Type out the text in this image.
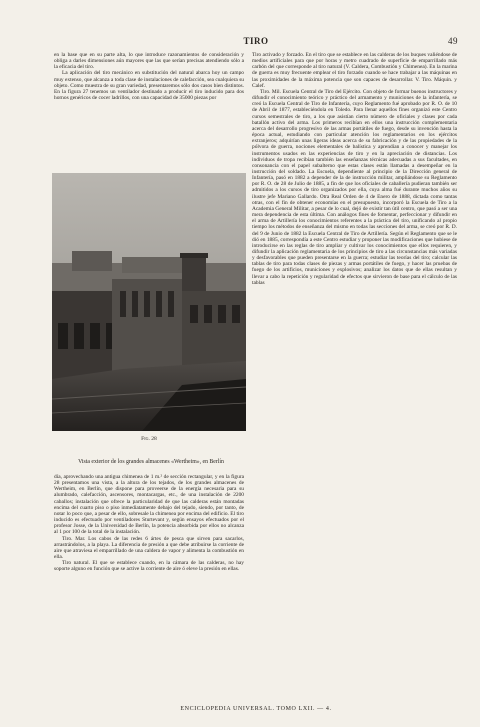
TIRO	49

en la base que en su parte alta, lo que introduce razonamientos de consideración y obliga a darles dimensiones aún mayores que las que serían precisas atendiendo sólo a la eficacia del tiro.

La aplicación del tiro mecánico en substitución del natural abarca hoy un campo muy extenso, que alcanza a toda clase de instalaciones de calefacción, sea cualquiera su objeto. Como muestra de su gran variedad, presentaremos sólo dos casos bien distintos. En la figura 27 tenemos un ventilador destinado a producir el tiro inducido para dos hornos genéricos de cocer ladrillos, con una capacidad de 35000 piezas por

Fig. 28
Vista exterior de los grandes almacenes «Wertheim», en Berlín

día, aprovechando una antigua chimenea de 1 m.² de sección rectangular, y en la figura 28 presentamos una vista, a la altura de los tejados, de los grandes almacenes de Wertheim, en Berlín, que dispone para proveerse de la energía necesaria para su alumbrado, calefacción, ascensores, montacargas, etc., de una instalación de 2200 caballos; instalación que ofrece la particularidad de que las calderas están montadas encima del cuarto piso o piso inmediatamente debajo del tejado, siendo, por tanto, de notar lo poco que, a pesar de ello, sobresale la chimenea por encima del edificio. El tiro inducido es efectuado por ventiladores Sturtevant y, según ensayos efectuados por el profesor Josse, de la Universidad de Berlín, la potencia absorbida por ellos no alcanza al 1 por 100 de la total de la instalación.

Tiro. Mar. Los cabos de las redes 6 ártes de pesca que sirven para sacarlos, arrastrándolos, a la playa. La diferencia de presión a que debe atribuirse la corriente de aire que atraviesa el emparrillado de una caldera de vapor y alimenta la combustión en ella.

Tiro natural. El que se establece cuando, en la cámara de las calderas, no hay soporte alguno en función que se active la corriente de aire ó eleve la presión en ellas.

Tiro activado y forzado. En el tiro que se establece en las calderas de los buques valiéndose de medios artificiales para que por horas y metro cuadrado de superficie de emparrillado más carbón del que corresponde al tiro natural (V. Caldera, Combustión y Chimenea). En la marina de guerra es muy frecuente emplear el tiro forzado cuando se hace trabajar a las máquinas en las proximidades de la máxima potencia que son capaces de desarrollar. V. Tiro. Máquin. y Calef.

Tiro. Mil. Escuela Central de Tiro del Ejército. Con objeto de formar buenos instructores y difundir el conocimiento teórico y práctico del armamento y municiones de la infantería, se creó la Escuela Central de Tiro de Infantería, cuyo Reglamento fué aprobado por R. O. de 10 de Abril de 1877, estableciéndola en Toledo. Para llenar aquellos fines organizó este Centro cursos semestrales de tiro, a los que asistían cierto número de oficiales y clases por cada batallón activo del arma. Los primeros recibían en ellos una instrucción complementaria acerca del desarrollo progresivo de las armas portátiles de fuego, desde su invención hasta la época actual, estudiando con particular atención los reglamentarios en los ejércitos extranjeros; adquirían unas ligeras ideas acerca de su fabricación y de las propiedades de la pólvora de guerra, nociones elementales de balística y aprendían a conocer y manejar los instrumentos usados en las experiencias de tiro y en la apreciación de distancias. Los individuos de tropa recibían también las enseñanzas técnicas adecuadas a sus facultades, en consonancia con el papel subalterno que estas clases están llamadas a desempeñar en la instrucción del soldado. La Escuela, dependiente al principio de la Dirección general de Infantería, pasó en 1882 a depender de la de instrucción militar, ampliándose su Reglamento por R. O. de 28 de Julio de 1885, a fin de que los oficiales de caballería pudieran también ser admitidos a los cursos de tiro organizados por ella, cuya alma fué durante muchos años su ilustre jefe Mariano Gallardo. Otra Real Orden de 4 de Enero de 1888, dictada como tantas otras, con el fin de obtener economías en el presupuesto, incorporó la Escuela de Tiro a la Academia General Militar, a pesar de lo cual, dejó de existir tan útil centro, que pasó a ser una mera dependencia de esta última. Con análogos fines de fomentar, perfeccionar y difundir en el arma de Artillería los conocimientos referentes a la práctica del tiro, unificando al propio tiempo los métodos de enseñanza del mismo en todas las secciones del arma, se creó por R. D. del 9 de Junio de 1882 la Escuela Central de Tiro de Artillería. Según el Reglamento que se le dió en 1885, correspondía a este Centro estudiar y proponer las modificaciones que hubiese de introducirse en las reglas de tiro ampliar y cultivar los conocimientos que ellos requieren, y difundir la aplicación reglamentaria de los principios de tiro a las circunstancias más variadas y desfavorables que pueden presentarse en la guerra; estudiar las teorías del tiro; calcular las tablas de tiro para todas clases de piezas y armas portátiles de fuego, y hacer las pruebas de fuego de los artificios, municiones y explosivos; analizar los datos que de ellas resultan y llevar a cabo la repetición y regularidad de efectos que sirvieron de base para el cálculo de las tablas

ENCICLOPEDIA UNIVERSAL. TOMO LXII. — 4.
